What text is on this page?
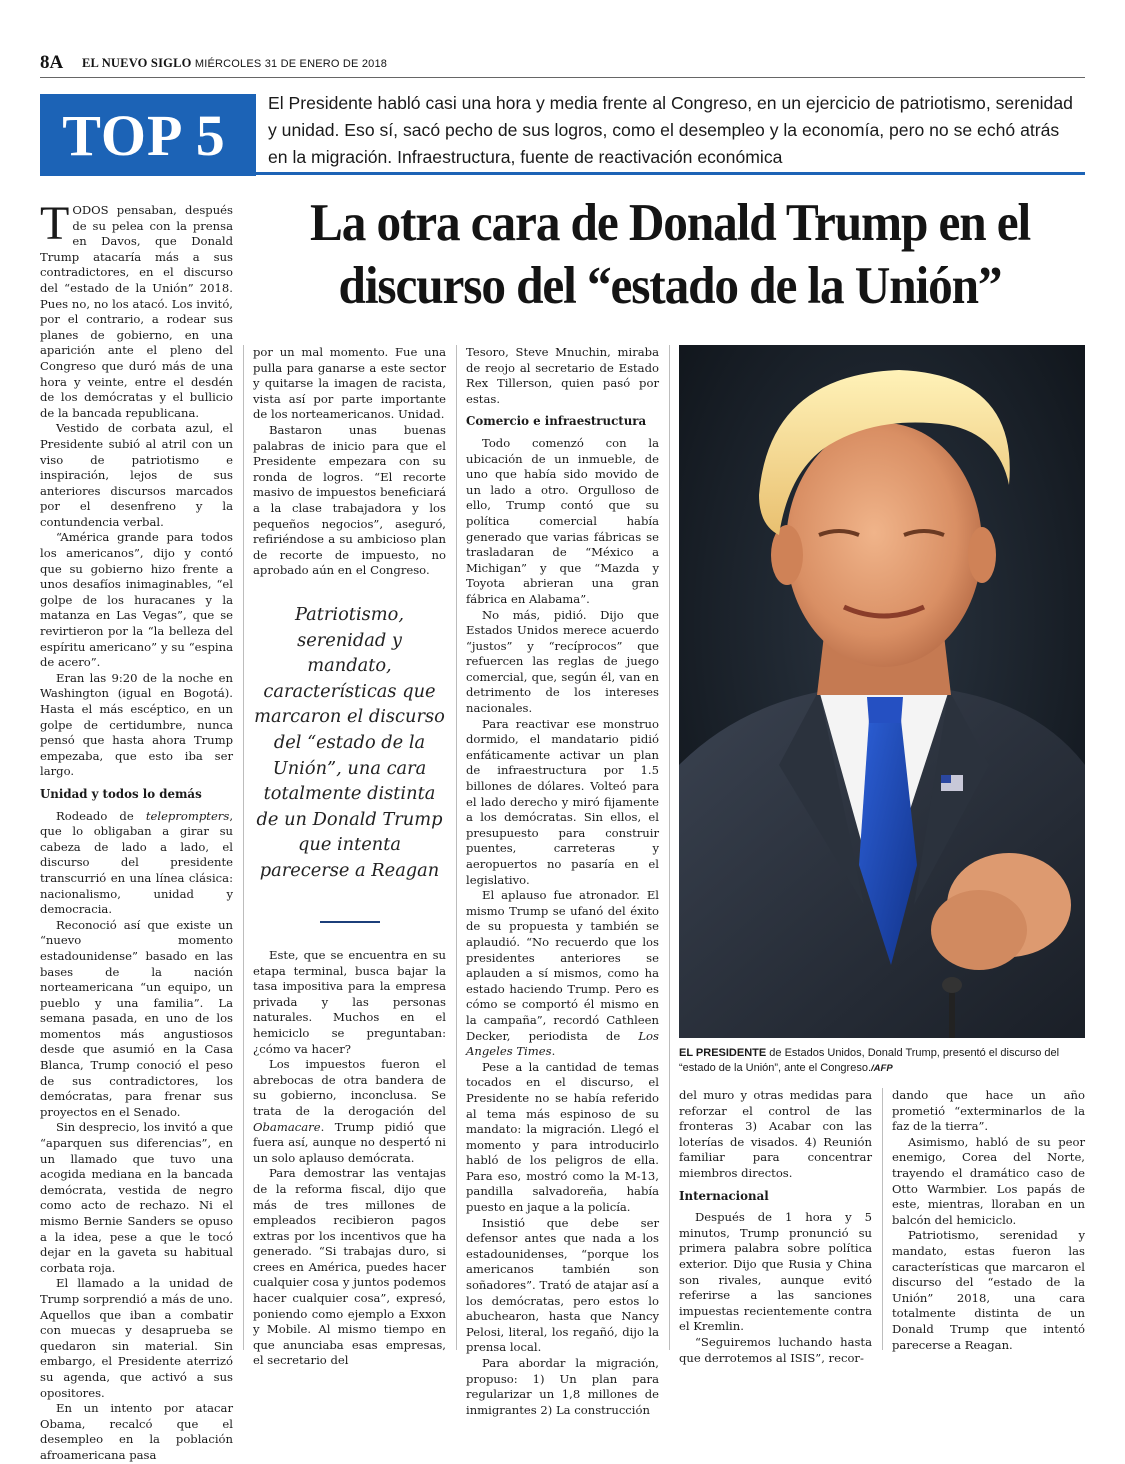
8A EL NUEVO SIGLO MIÉRCOLES 31 DE ENERO DE 2018
TOP 5	El Presidente habló casi una hora y media frente al Congreso, en un ejercicio de patriotismo, serenidad y unidad. Eso sí, sacó pecho de sus logros, como el desempleo y la economía, pero no se echó atrás en la migración. Infraestructura, fuente de reactivación económica
La otra cara de Donald Trump en el discurso del “estado de la Unión”

TODOS pensaban, después de su pelea con la prensa en Davos, que Donald Trump atacaría más a sus contradictores, en el discurso del “estado de la Unión” 2018. Pues no, no los atacó. Los invitó, por el contrario, a rodear sus planes de gobierno, en una aparición ante el pleno del Congreso que duró más de una hora y veinte, entre el desdén de los demócratas y el bullicio de la bancada republicana.

Vestido de corbata azul, el Presidente subió al atril con un viso de patriotismo e inspiración, lejos de sus anteriores discursos marcados por el desenfreno y la contundencia verbal.

“América grande para todos los americanos”, dijo y contó que su gobierno hizo frente a unos desafíos inimaginables, “el golpe de los huracanes y la matanza en Las Vegas”, que se revirtieron por la “la belleza del espíritu americano” y su “espina de acero”.

Eran las 9:20 de la noche en Washington (igual en Bogotá). Hasta el más escéptico, en un golpe de certidumbre, nunca pensó que hasta ahora Trump empezaba, que esto iba ser largo.

Unidad y todos lo demás

Rodeado de teleprompters, que lo obligaban a girar su cabeza de lado a lado, el discurso del presidente transcurrió en una línea clásica: nacionalismo, unidad y democracia.

Reconoció así que existe un “nuevo momento estadounidense” basado en las bases de la nación norteamericana “un equipo, un pueblo y una familia”. La semana pasada, en uno de los momentos más angustiosos desde que asumió en la Casa Blanca, Trump conoció el peso de sus contradictores, los demócratas, para frenar sus proyectos en el Senado.

Sin desprecio, los invitó a que “aparquen sus diferencias”, en un llamado que tuvo una acogida mediana en la bancada demócrata, vestida de negro como acto de rechazo. Ni el mismo Bernie Sanders se opuso a la idea, pese a que le tocó dejar en la gaveta su habitual corbata roja.

El llamado a la unidad de Trump sorprendió a más de uno. Aquellos que iban a combatir con muecas y desaprueba se quedaron sin material. Sin embargo, el Presidente aterrizó su agenda, que activó a sus opositores.

En un intento por atacar Obama, recalcó que el desempleo en la población afroamericana pasa

por un mal momento. Fue una pulla para ganarse a este sector y quitarse la imagen de racista, vista así por parte importante de los norteamericanos. Unidad.

Bastaron unas buenas palabras de inicio para que el Presidente empezara con su ronda de logros. “El recorte masivo de impuestos beneficiará a la clase trabajadora y los pequeños negocios”, aseguró, refiriéndose a su ambicioso plan de recorte de impuesto, no aprobado aún en el Congreso.

Patriotismo, serenidad y mandato, características que marcaron el discurso del “estado de la Unión”, una cara totalmente distinta de un Donald Trump que intenta parecerse a Reagan

Este, que se encuentra en su etapa terminal, busca bajar la tasa impositiva para la empresa privada y las personas naturales. Muchos en el hemiciclo se preguntaban: ¿cómo va hacer?

Los impuestos fueron el abrebocas de otra bandera de su gobierno, inconclusa. Se trata de la derogación del Obamacare. Trump pidió que fuera así, aunque no despertó ni un solo aplauso demócrata.

Para demostrar las ventajas de la reforma fiscal, dijo que más de tres millones de empleados recibieron pagos extras por los incentivos que ha generado. “Si trabajas duro, si crees en América, puedes hacer cualquier cosa y juntos podemos hacer cualquier cosa”, expresó, poniendo como ejemplo a Exxon y Mobile. Al mismo tiempo en que anunciaba esas empresas, el secretario del

Tesoro, Steve Mnuchin, miraba de reojo al secretario de Estado Rex Tillerson, quien pasó por estas.

Comercio e infraestructura

Todo comenzó con la ubicación de un inmueble, de uno que había sido movido de un lado a otro. Orgulloso de ello, Trump contó que su política comercial había generado que varias fábricas se trasladaran de “México a Michigan” y que “Mazda y Toyota abrieran una gran fábrica en Alabama”.

No más, pidió. Dijo que Estados Unidos merece acuerdo “justos” y “recíprocos” que refuercen las reglas de juego comercial, que, según él, van en detrimento de los intereses nacionales.

Para reactivar ese monstruo dormido, el mandatario pidió enfáticamente activar un plan de infraestructura por 1.5 billones de dólares. Volteó para el lado derecho y miró fijamente a los demócratas. Sin ellos, el presupuesto para construir puentes, carreteras y aeropuertos no pasaría en el legislativo.

El aplauso fue atronador. El mismo Trump se ufanó del éxito de su propuesta y también se aplaudió. “No recuerdo que los presidentes anteriores se aplauden a sí mismos, como ha estado haciendo Trump. Pero es cómo se comportó él mismo en la campaña”, recordó Cathleen Decker, periodista de Los Angeles Times.

Pese a la cantidad de temas tocados en el discurso, el Presidente no se había referido al tema más espinoso de su mandato: la migración. Llegó el momento y para introducirlo habló de los peligros de ella. Para eso, mostró como la M-13, pandilla salvadoreña, había puesto en jaque a la policía.

Insistió que debe ser defensor antes que nada a los estadounidenses, “porque los americanos también son soñadores”. Trató de atajar así a los demócratas, pero estos lo abuchearon, hasta que Nancy Pelosi, literal, los regañó, dijo la prensa local.

Para abordar la migración, propuso: 1) Un plan para regularizar un 1,8 millones de inmigrantes 2) La construcción

EL PRESIDENTE de Estados Unidos, Donald Trump, presentó el discurso del “estado de la Unión”, ante el Congreso./AFP

del muro y otras medidas para reforzar el control de las fronteras 3) Acabar con las loterías de visados. 4) Reunión familiar para concentrar miembros directos.

Internacional

Después de 1 hora y 5 minutos, Trump pronunció su primera palabra sobre política exterior. Dijo que Rusia y China son rivales, aunque evitó referirse a las sanciones impuestas recientemente contra el Kremlin.

“Seguiremos luchando hasta que derrotemos al ISIS”, recor-

dando que hace un año prometió “exterminarlos de la faz de la tierra”.

Asimismo, habló de su peor enemigo, Corea del Norte, trayendo el dramático caso de Otto Warmbier. Los papás de este, mientras, lloraban en un balcón del hemiciclo.

Patriotismo, serenidad y mandato, estas fueron las características que marcaron el discurso del “estado de la Unión” 2018, una cara totalmente distinta de un Donald Trump que intentó parecerse a Reagan.
